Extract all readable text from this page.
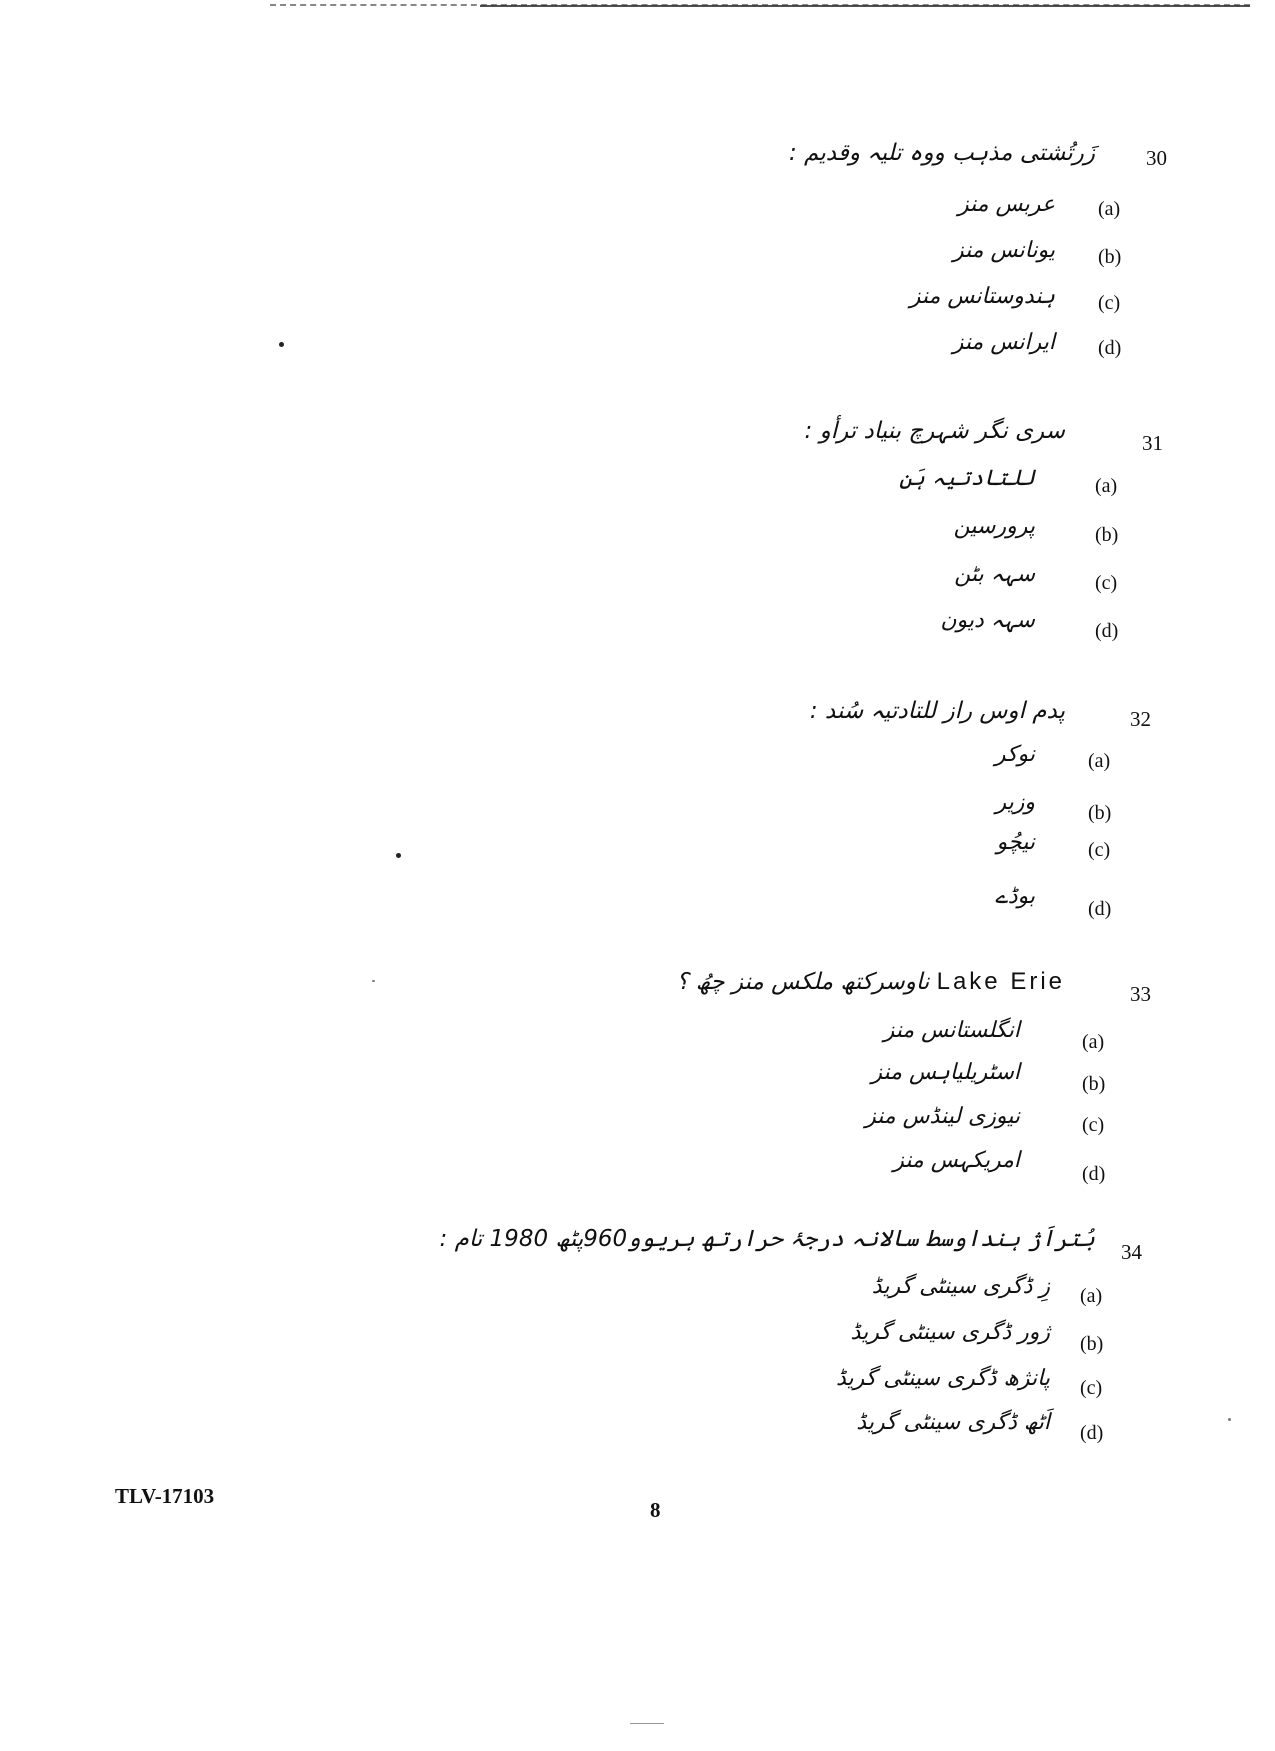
30
زَرتُشتی مذہب ووہ تلیہ وقدیم :
(a)
عربس منز
(b)
یونانس منز
(c)
ہندوستانس منز
(d)
ایرانس منز
31
سری نگر شہرچ بنیاد ترأو :
(a)
للتادتیہ ہَن
(b)
پرورسین
(c)
سہہ بٹن
(d)
سہہ دیون
32
پدم اوس راز للتادتیہ سُند :
(a)
نوکر
(b)
وزیر
(c)
نیچُو
(d)
بوڈے
33
Lake Erie ناوسرکتھ ملکس منز چھُ ؟
(a)
انگلستانس منز
(b)
اسٹریلیاہس منز
(c)
نیوزی لینڈس منز
(d)
امریکہس منز
34
بُتراَژ ہنداوسط سالانہ درجۂ حرارتھ ہریوو960پٹھ 1980 تام :
(a)
زِ ڈگری سینٹی گریڈ
(b)
ژور ڈگری سینٹی گریڈ
(c)
پانژھ ڈگری سینٹی گریڈ
(d)
اَٹھ ڈگری سینٹی گریڈ
TLV-17103
8
